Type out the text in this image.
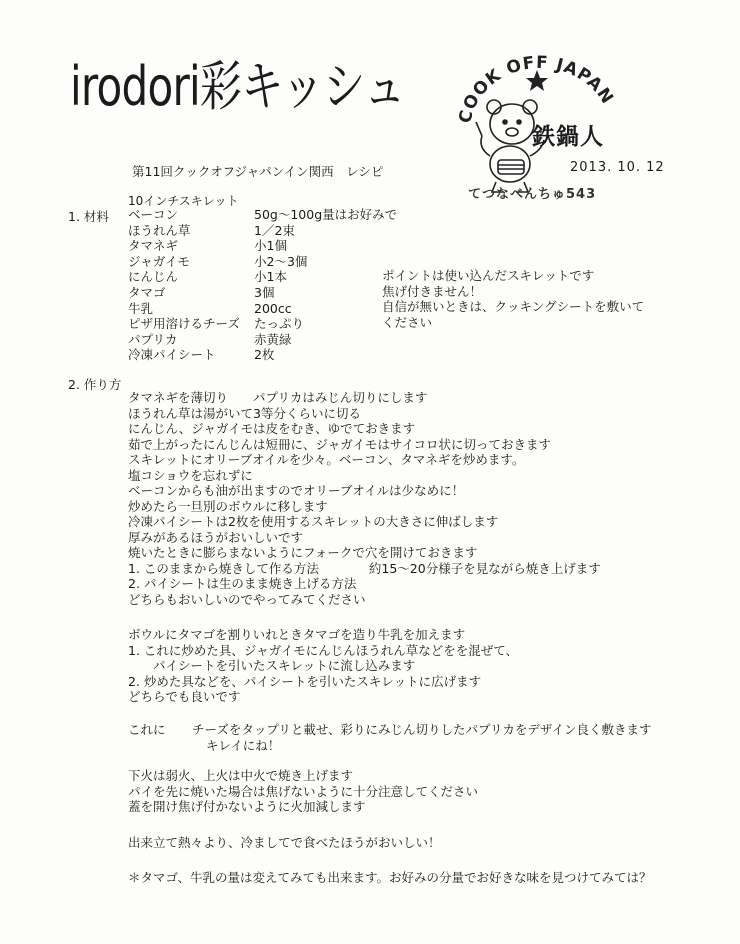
irodori彩キッシュ	COOK OFF JAPAN
鉄鍋人
2013. 10. 12
てつなべんちゅ543
第11回クックオフジャパンイン関西　レシピ
10インチスキレット
1. 材料 ベーコン
ほうれん草
タマネギ
ジャガイモ
にんじん
タマゴ
牛乳
ピザ用溶けるチーズ
パプリカ
冷凍パイシート
50g～100g量はお好みで
1／2束
小1個
小2～3個
小1本
3個
200cc
たっぷり
赤黄緑
2枚
ポイントは使い込んだスキレットです
焦げ付きません！
自信が無いときは、クッキングシートを敷いて
ください
2. 作り方
タマネギを薄切り　　パプリカはみじん切りにします
ほうれん草は湯がいて3等分くらいに切る
にんじん、ジャガイモは皮をむき、ゆでておきます
茹で上がったにんじんは短冊に、ジャガイモはサイコロ状に切っておきます
スキレットにオリーブオイルを少々。ベーコン、タマネギを炒めます。
塩コショウを忘れずに
ベーコンからも油が出ますのでオリーブオイルは少なめに！
炒めたら一旦別のボウルに移します
冷凍パイシートは2枚を使用するスキレットの大きさに伸ばします
厚みがあるほうがおいしいです
焼いたときに膨らまないようにフォークで穴を開けておきます
1. このままから焼きして作る方法　　　　約15～20分様子を見ながら焼き上げます
2. パイシートは生のまま焼き上げる方法
どちらもおいしいのでやってみてください
ボウルにタマゴを割りいれときタマゴを造り牛乳を加えます
1. これに炒めた具、ジャガイモにんじんほうれん草などをを混ぜて、
　　パイシートを引いたスキレットに流し込みます
2. 炒めた具などを、パイシートを引いたスキレットに広げます
どちらでも良いです
これに チーズをタップリと載せ、彩りにみじん切りしたパプリカをデザイン良く敷きます
キレイにね！
下火は弱火、上火は中火で焼き上げます
パイを先に焼いた場合は焦げないように十分注意してください
蓋を開け焦げ付かないように火加減します
出来立て熱々より、冷ましてで食べたほうがおいしい！
＊タマゴ、牛乳の量は変えてみても出来ます。お好みの分量でお好きな味を見つけてみては？
